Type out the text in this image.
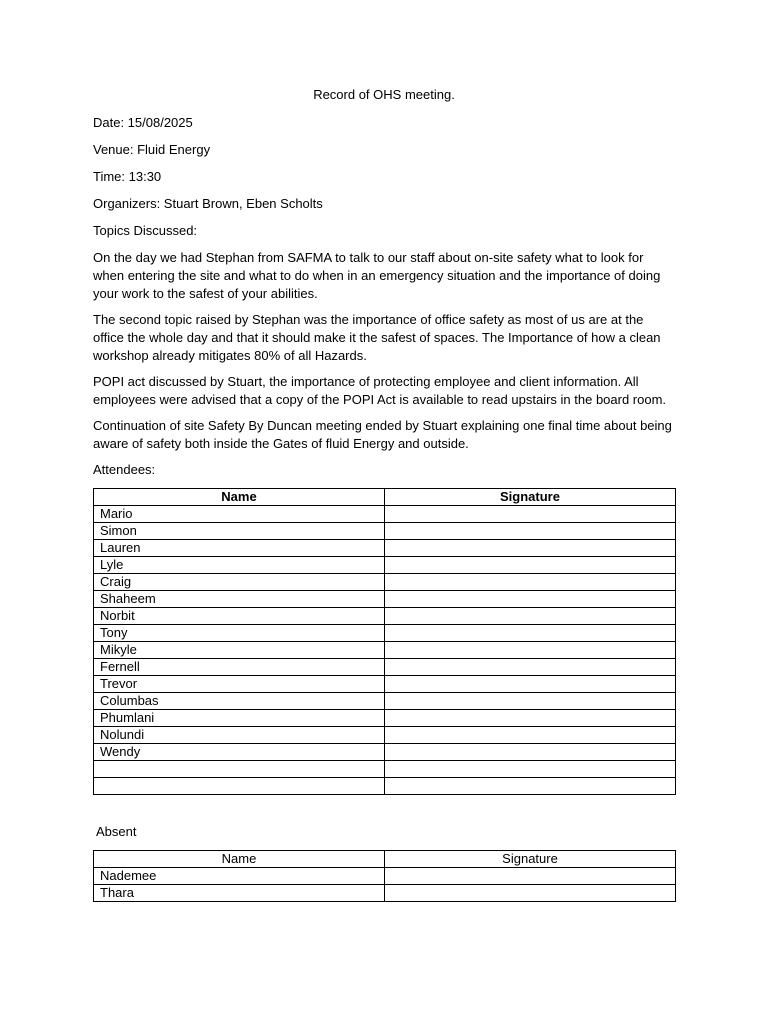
Record of OHS meeting.
Date: 15/08/2025
Venue: Fluid Energy
Time: 13:30
Organizers: Stuart Brown, Eben Scholts
Topics Discussed:

On the day we had Stephan from SAFMA to talk to our staff about on-site safety what to look for when entering the site and what to do when in an emergency situation and the importance of doing your work to the safest of your abilities.

The second topic raised by Stephan was the importance of office safety as most of us are at the office the whole day and that it should make it the safest of spaces. The Importance of how a clean workshop already mitigates 80% of all Hazards.

POPI act discussed by Stuart, the importance of protecting employee and client information. All employees were advised that a copy of the POPI Act is available to read upstairs in the board room.

Continuation of site Safety By Duncan meeting ended by Stuart explaining one final time about being aware of safety both inside the Gates of fluid Energy and outside.

Attendees:
Name	Signature
Mario	
Simon	
Lauren	
Lyle	
Craig	
Shaheem	
Norbit	
Tony	
Mikyle	
Fernell	
Trevor	
Columbas	
Phumlani	
Nolundi	
Wendy	

Absent
Name	Signature
Nademee	
Thara	
